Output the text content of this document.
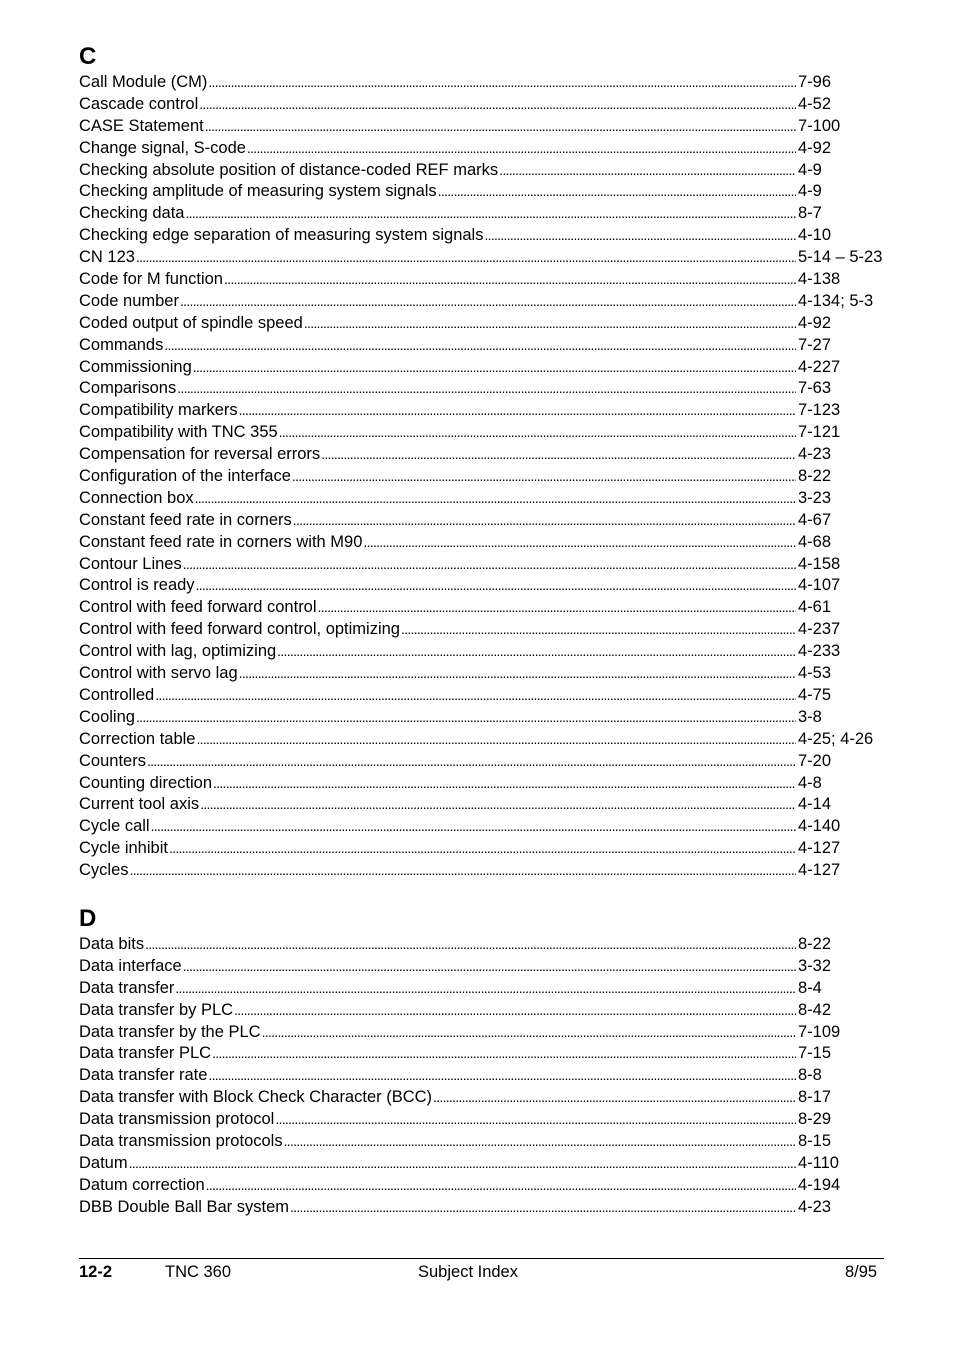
C
Call Module (CM) . . .	7-96
Cascade control . . .	4-52
CASE Statement . . .	7-100
Change signal, S-code . . .	4-92
Checking absolute position of distance-coded REF marks . . .	4-9
Checking amplitude of measuring system signals . . .	4-9
Checking data . . .	8-7
Checking edge separation of measuring system signals . . .	4-10
CN 123 . . .	5-14 – 5-23
Code for M function . . .	4-138
Code number . . .	4-134; 5-3
Coded output of spindle speed . . .	4-92
Commands . . .	7-27
Commissioning . . .	4-227
Comparisons . . .	7-63
Compatibility markers . . .	7-123
Compatibility with TNC 355 . . .	7-121
Compensation for reversal errors . . .	4-23
Configuration of the interface . . .	8-22
Connection box . . .	3-23
Constant feed rate in corners . . .	4-67
Constant feed rate in corners with M90 . . .	4-68
Contour Lines . . .	4-158
Control is ready . . .	4-107
Control with feed forward control . . .	4-61
Control with feed forward control, optimizing . . .	4-237
Control with lag, optimizing . . .	4-233
Control with servo lag . . .	4-53
Controlled . . .	4-75
Cooling . . .	3-8
Correction table . . .	4-25; 4-26
Counters . . .	7-20
Counting direction . . .	4-8
Current tool axis . . .	4-14
Cycle call . . .	4-140
Cycle inhibit . . .	4-127
Cycles . . .	4-127
D
Data bits . . .	8-22
Data interface . . .	3-32
Data transfer . . .	8-4
Data transfer by PLC . . .	8-42
Data transfer by the PLC . . .	7-109
Data transfer PLC . . .	7-15
Data transfer rate . . .	8-8
Data transfer with Block Check Character (BCC) . . .	8-17
Data transmission protocol . . .	8-29
Data transmission protocols . . .	8-15
Datum . . .	4-110
Datum correction . . .	4-194
DBB Double Ball Bar system . . .	4-23
12-2	TNC 360	Subject Index	8/95
